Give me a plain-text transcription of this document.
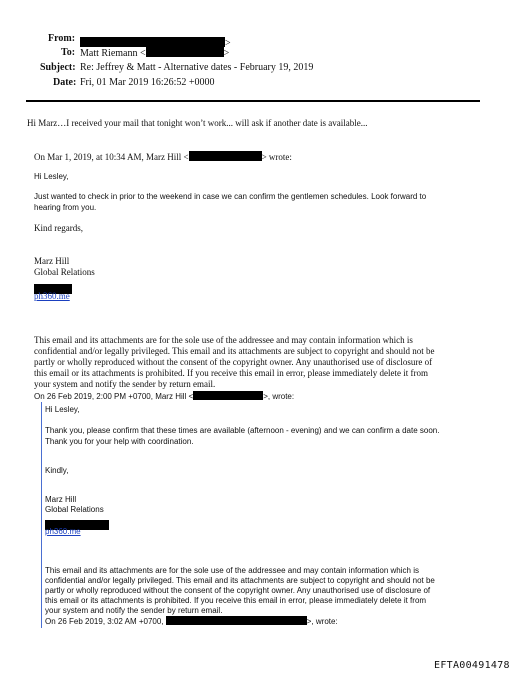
From:	>
To: Matt Riemann <	>
Subject: Re: Jeffrey & Matt - Alternative dates - February 19, 2019
Date: Fri, 01 Mar 2019 16:26:52 +0000
Hi Marz…I received your mail that tonight won’t work... will ask if another date is available...
On Mar 1, 2019, at 10:34 AM, Marz Hill <	> wrote:
Hi Lesley,
Just wanted to check in prior to the weekend in case we can confirm the gentlemen schedules. Look forward to
hearing from you.
Kind regards,
Marz Hill
Global Relations
ph360.me
This email and its attachments are for the sole use of the addressee and may contain information which is
confidential and/or legally privileged. This email and its attachments are subject to copyright and should not be
partly or wholly reproduced without the consent of the copyright owner. Any unauthorised use of disclosure of
this email or its attachments is prohibited. If you receive this email in error, please immediately delete it from
your system and notify the sender by return email.
On 26 Feb 2019, 2:00 PM +0700, Marz Hill <	>, wrote:
Hi Lesley,
Thank you, please confirm that these times are available (afternoon - evening) and we can confirm a date soon.
Thank you for your help with coordination.
Kindly,
Marz Hill
Global Relations
ph360.me
This email and its attachments are for the sole use of the addressee and may contain information which is
confidential and/or legally privileged. This email and its attachments are subject to copyright and should not be
partly or wholly reproduced without the consent of the copyright owner. Any unauthorised use of disclosure of
this email or its attachments is prohibited. If you receive this email in error, please immediately delete it from
your system and notify the sender by return email.
On 26 Feb 2019, 3:02 AM +0700,	>, wrote:
EFTA00491478
